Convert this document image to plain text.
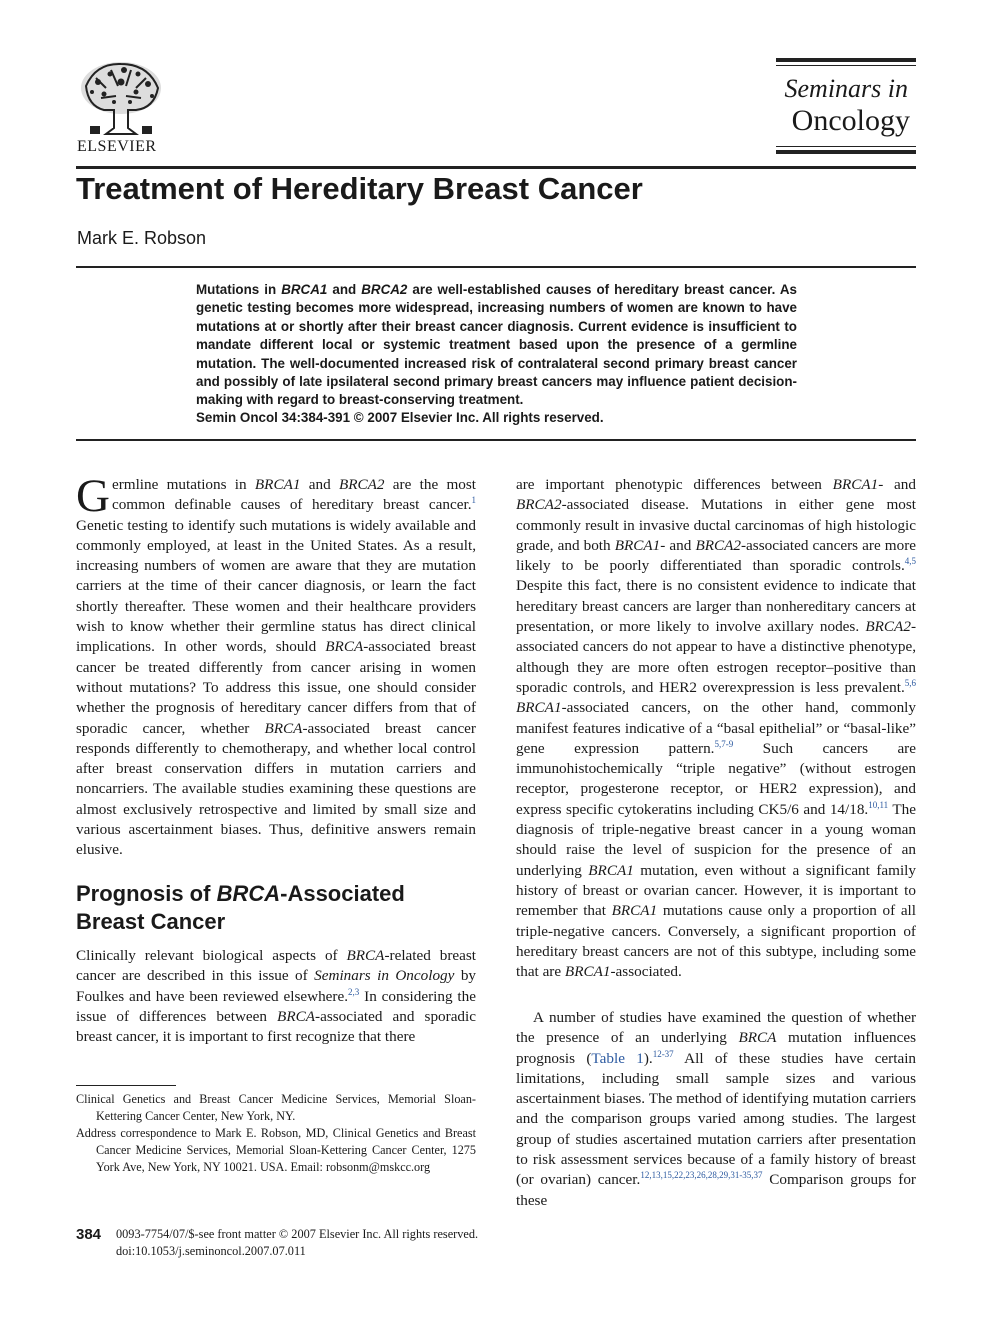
ELSEVIER
Seminars in
Oncology
Treatment of Hereditary Breast Cancer
Mark E. Robson

Mutations in BRCA1 and BRCA2 are well-established causes of hereditary breast cancer. As genetic testing becomes more widespread, increasing numbers of women are known to have mutations at or shortly after their breast cancer diagnosis. Current evidence is insufficient to mandate different local or systemic treatment based upon the presence of a germline mutation. The well-documented increased risk of contralateral second primary breast cancer and possibly of late ipsilateral second primary breast cancers may influence patient decision-making with regard to breast-conserving treatment.

Semin Oncol 34:384-391 © 2007 Elsevier Inc. All rights reserved.

Germline mutations in BRCA1 and BRCA2 are the most common definable causes of hereditary breast cancer.$^1$ Genetic testing to identify such mutations is widely available and commonly employed, at least in the United States. As a result, increasing numbers of women are aware that they are mutation carriers at the time of their cancer diagnosis, or learn the fact shortly thereafter. These women and their healthcare providers wish to know whether their germline status has direct clinical implications. In other words, should BRCA-associated breast cancer be treated differently from cancer arising in women without mutations? To address this issue, one should consider whether the prognosis of hereditary cancer differs from that of sporadic cancer, whether BRCA-associated breast cancer responds differently to chemotherapy, and whether local control after breast conservation differs in mutation carriers and noncarriers. The available studies examining these questions are almost exclusively retrospective and limited by small size and various ascertainment biases. Thus, definitive answers remain elusive.

Prognosis of BRCA-Associated Breast Cancer

Clinically relevant biological aspects of BRCA-related breast cancer are described in this issue of Seminars in Oncology by Foulkes and have been reviewed elsewhere.$^{2,3}$ In considering the issue of differences between BRCA-associated and sporadic breast cancer, it is important to first recognize that there

Clinical Genetics and Breast Cancer Medicine Services, Memorial Sloan-Kettering Cancer Center, New York, NY.

Address correspondence to Mark E. Robson, MD, Clinical Genetics and Breast Cancer Medicine Services, Memorial Sloan-Kettering Cancer Center, 1275 York Ave, New York, NY 10021. USA. Email: robsonm@mskcc.org

are important phenotypic differences between BRCA1- and BRCA2-associated disease. Mutations in either gene most commonly result in invasive ductal carcinomas of high histologic grade, and both BRCA1- and BRCA2-associated cancers are more likely to be poorly differentiated than sporadic controls.$^{4,5}$ Despite this fact, there is no consistent evidence to indicate that hereditary breast cancers are larger than nonhereditary cancers at presentation, or more likely to involve axillary nodes. BRCA2-associated cancers do not appear to have a distinctive phenotype, although they are more often estrogen receptor–positive than sporadic controls, and HER2 overexpression is less prevalent.$^{5,6}$ BRCA1-associated cancers, on the other hand, commonly manifest features indicative of a “basal epithelial” or “basal-like” gene expression pattern.$^{5,7-9}$ Such cancers are immunohistochemically “triple negative” (without estrogen receptor, progesterone receptor, or HER2 expression), and express specific cytokeratins including CK5/6 and 14/18.$^{10,11}$ The diagnosis of triple-negative breast cancer in a young woman should raise the level of suspicion for the presence of an underlying BRCA1 mutation, even without a significant family history of breast or ovarian cancer. However, it is important to remember that BRCA1 mutations cause only a proportion of all triple-negative cancers. Conversely, a significant proportion of hereditary breast cancers are not of this subtype, including some that are BRCA1-associated.

A number of studies have examined the question of whether the presence of an underlying BRCA mutation influences prognosis (Table 1).$^{12-37}$ All of these studies have certain limitations, including small sample sizes and various ascertainment biases. The method of identifying mutation carriers and the comparison groups varied among studies. The largest group of studies ascertained mutation carriers after presentation to risk assessment services because of a family history of breast (or ovarian) cancer.$^{12,13,15,22,23,26,28,29,31-35,37}$ Comparison groups for these

384 0093-7754/07/$-see front matter © 2007 Elsevier Inc. All rights reserved.
doi:10.1053/j.seminoncol.2007.07.011
